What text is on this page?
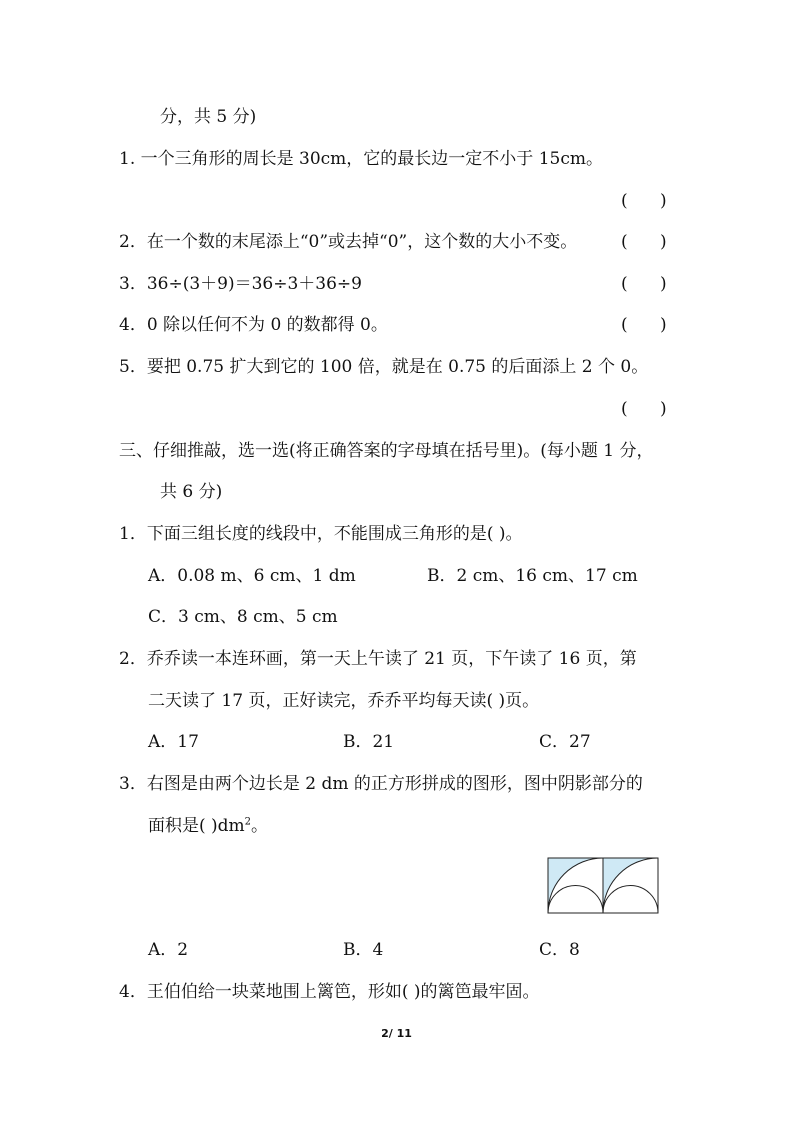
分，共 5 分)
1. 一个三角形的周长是 30cm，它的最长边一定不小于 15cm。
(      )
2．在一个数的末尾添上“0”或去掉“0”，这个数的大小不变。	(      )
3．36÷(3＋9)＝36÷3＋36÷9	(      )
4．0 除以任何不为 0 的数都得 0。	(      )
5．要把 0.75 扩大到它的 100 倍，就是在 0.75 的后面添上 2 个 0。
(      )
三、仔细推敲，选一选(将正确答案的字母填在括号里)。(每小题 1 分，
共 6 分)
1．下面三组长度的线段中，不能围成三角形的是( )。
A．0.08 m、6 cm、1 dm	B．2 cm、16 cm、17 cm
C．3 cm、8 cm、5 cm
2．乔乔读一本连环画，第一天上午读了 21 页，下午读了 16 页，第
二天读了 17 页，正好读完，乔乔平均每天读( )页。
A．17	B．21	C．27
3．右图是由两个边长是 2 dm 的正方形拼成的图形，图中阴影部分的
面积是( )$dm^2$。
A．2	B．4	C．8
4．王伯伯给一块菜地围上篱笆，形如( )的篱笆最牢固。
2/ 11
